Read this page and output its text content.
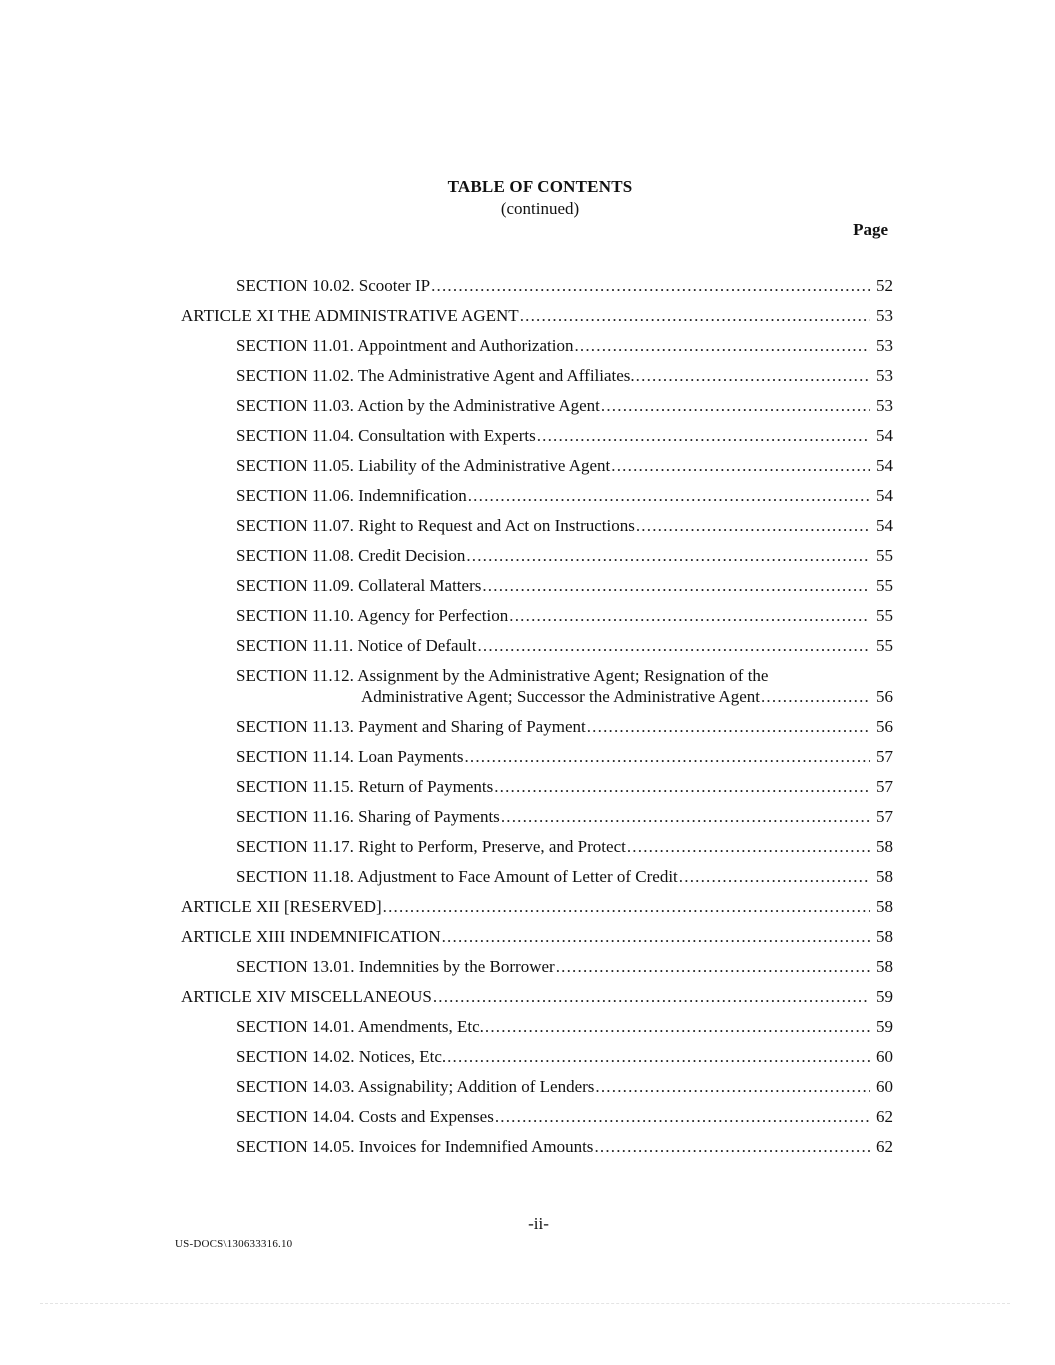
TABLE OF CONTENTS
(continued)
Page
SECTION 10.02. Scooter IP .....	52
ARTICLE XI THE ADMINISTRATIVE AGENT .....	53
SECTION 11.01. Appointment and Authorization .....	53
SECTION 11.02. The Administrative Agent and Affiliates. .....	53
SECTION 11.03. Action by the Administrative Agent .....	53
SECTION 11.04. Consultation with Experts .....	54
SECTION 11.05. Liability of the Administrative Agent .....	54
SECTION 11.06. Indemnification .....	54
SECTION 11.07. Right to Request and Act on Instructions .....	54
SECTION 11.08. Credit Decision .....	55
SECTION 11.09. Collateral Matters .....	55
SECTION 11.10. Agency for Perfection .....	55
SECTION 11.11. Notice of Default .....	55
SECTION 11.12. Assignment by the Administrative Agent; Resignation of the
Administrative Agent; Successor the Administrative Agent .....	56
SECTION 11.13. Payment and Sharing of Payment .....	56
SECTION 11.14. Loan Payments .....	57
SECTION 11.15. Return of Payments .....	57
SECTION 11.16. Sharing of Payments .....	57
SECTION 11.17. Right to Perform, Preserve, and Protect .....	58
SECTION 11.18. Adjustment to Face Amount of Letter of Credit .....	58
ARTICLE XII [RESERVED] .....	58
ARTICLE XIII INDEMNIFICATION .....	58
SECTION 13.01. Indemnities by the Borrower .....	58
ARTICLE XIV MISCELLANEOUS .....	59
SECTION 14.01. Amendments, Etc. .....	59
SECTION 14.02. Notices, Etc. .....	60
SECTION 14.03. Assignability; Addition of Lenders .....	60
SECTION 14.04. Costs and Expenses .....	62
SECTION 14.05. Invoices for Indemnified Amounts .....	62
-ii-
US-DOCS\130633316.10
